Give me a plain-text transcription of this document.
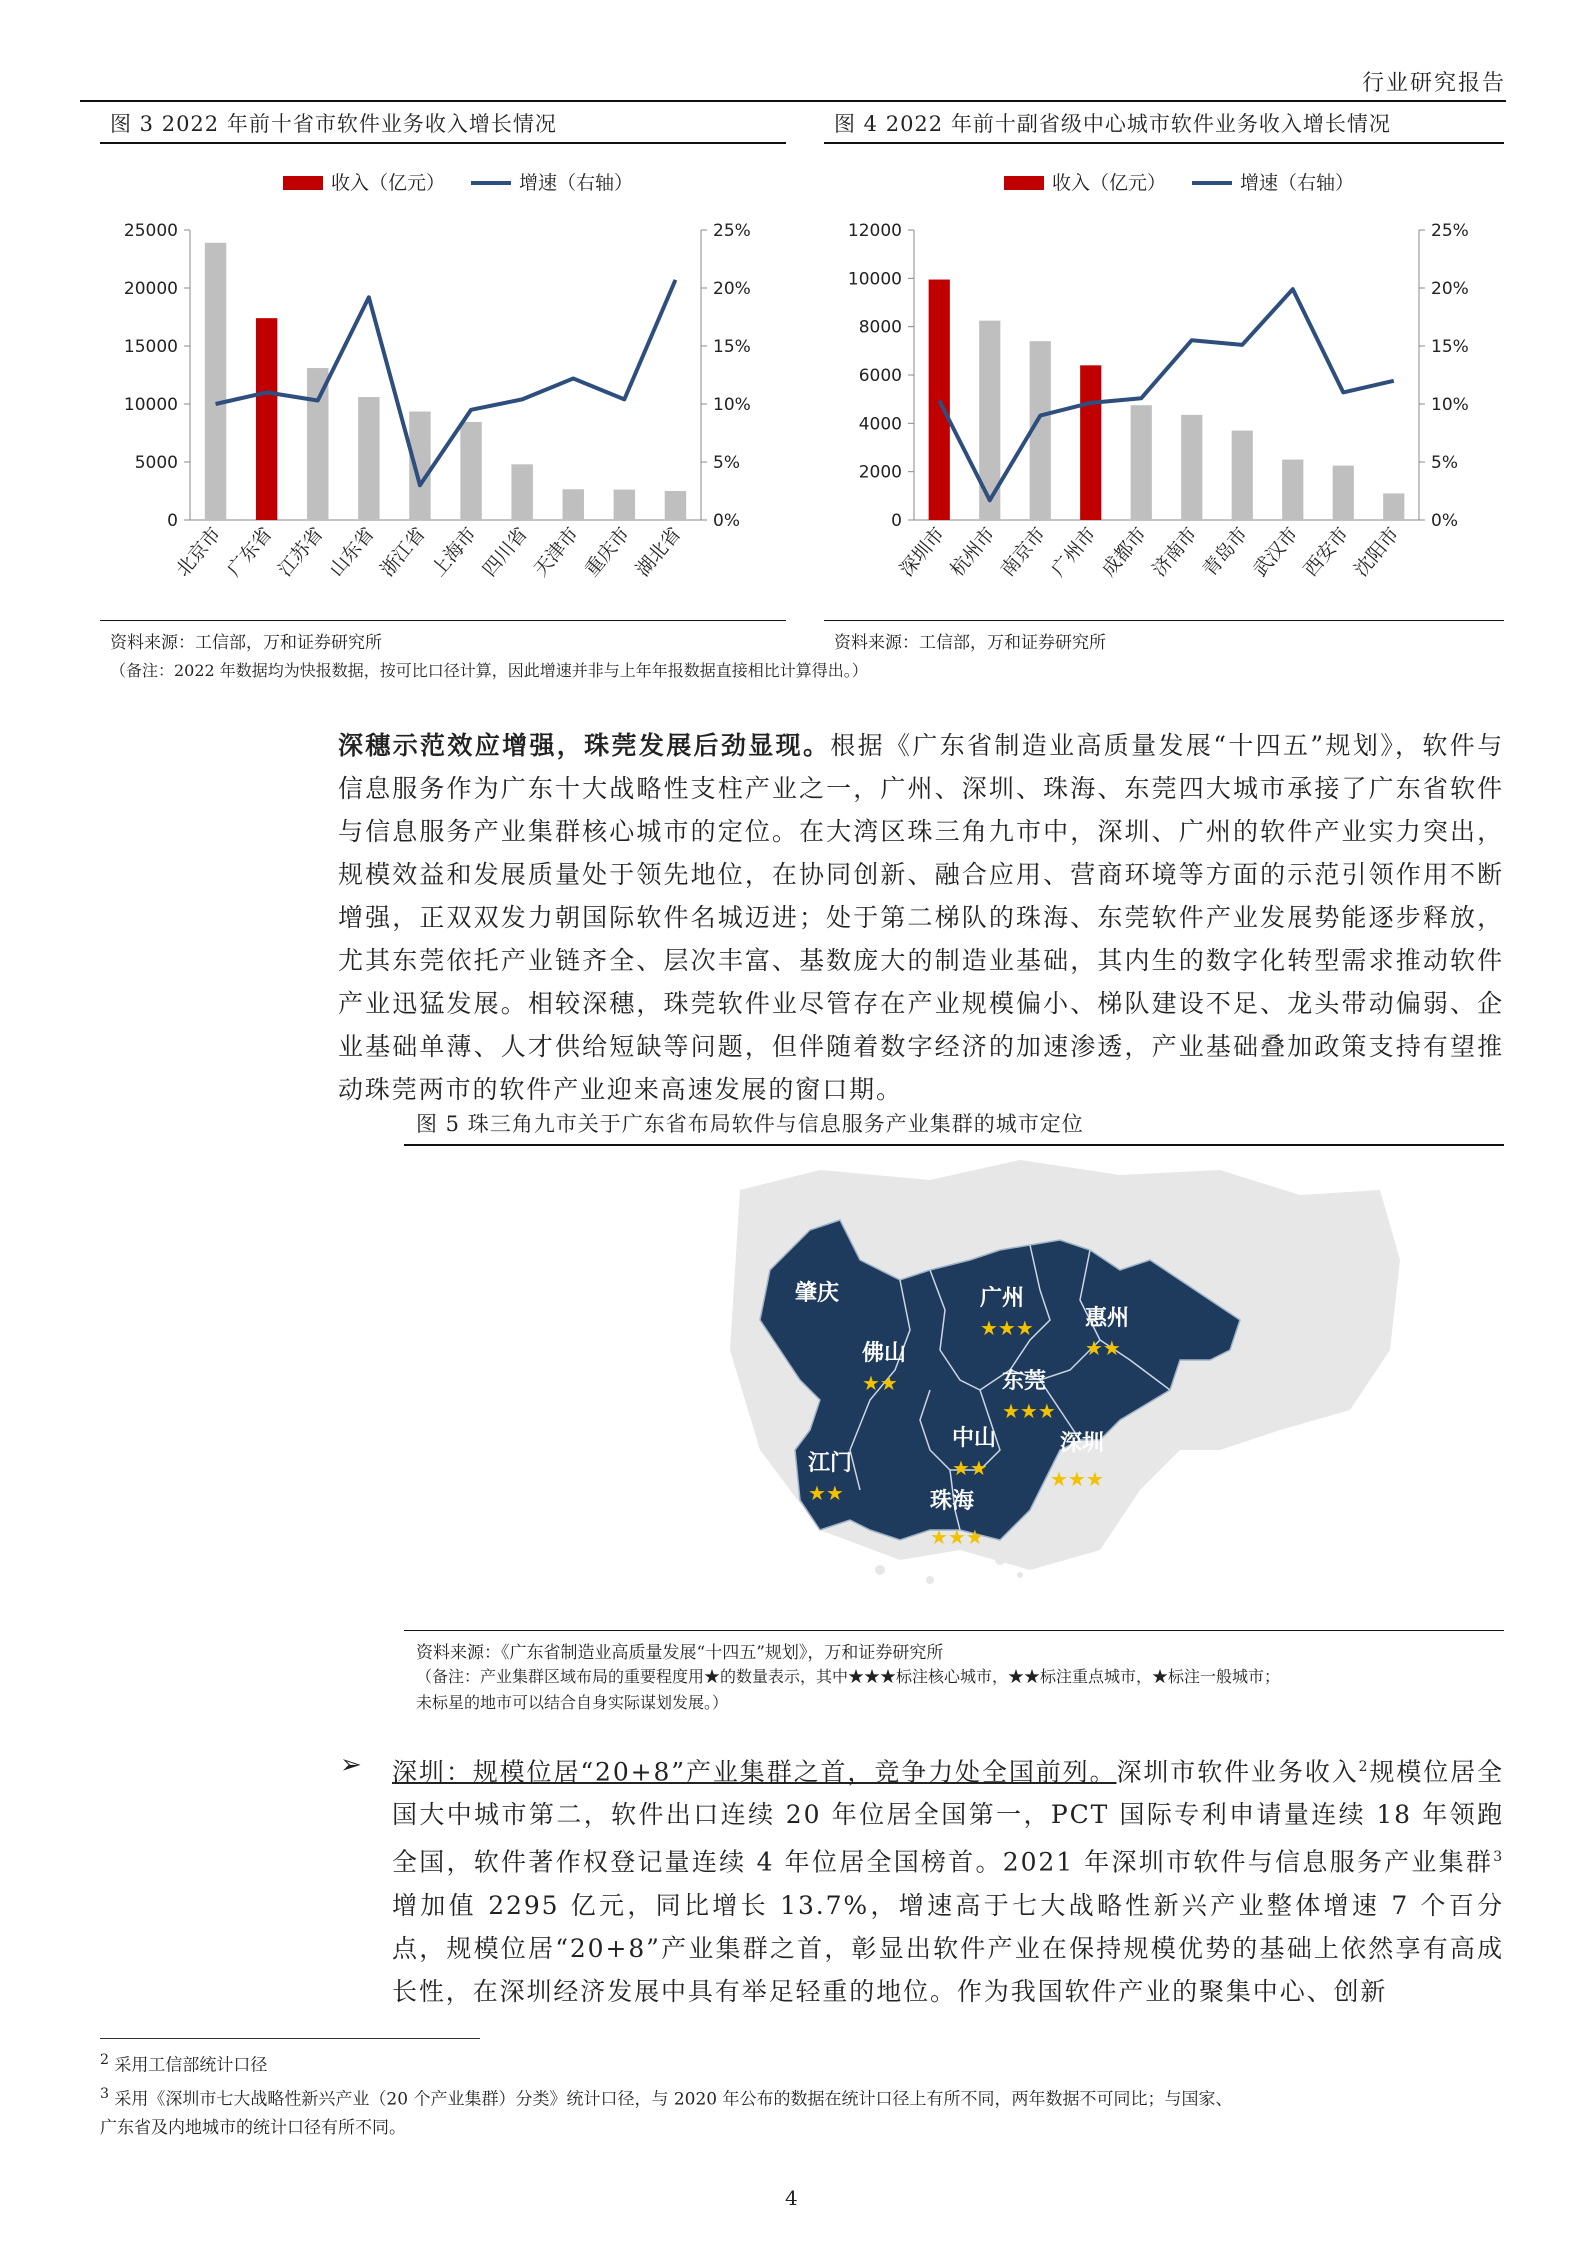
行业研究报告
图 3 2022 年前十省市软件业务收入增长情况
收入（亿元）	增速（右轴）
0
5000
10000
15000
20000
25000
0%
5%
10%
15%
20%
25%
北京市
广东省
江苏省
山东省
浙江省
上海市
四川省
天津市
重庆市
湖北省
资料来源：工信部，万和证券研究所
图 4 2022 年前十副省级中心城市软件业务收入增长情况
收入（亿元）	增速（右轴）
0
2000
4000
6000
8000
10000
12000
0%
5%
10%
15%
20%
25%
深圳市
杭州市
南京市
广州市
成都市
济南市
青岛市
武汉市
西安市
沈阳市
资料来源：工信部，万和证券研究所
（备注：2022 年数据均为快报数据，按可比口径计算，因此增速并非与上年年报数据直接相比计算得出。）
深穗示范效应增强，珠莞发展后劲显现。根据《广东省制造业高质量发展“十四五”规划》，软件与信息服务作为广东十大战略性支柱产业之一，广州、深圳、珠海、东莞四大城市承接了广东省软件与信息服务产业集群核心城市的定位。在大湾区珠三角九市中，深圳、广州的软件产业实力突出，规模效益和发展质量处于领先地位，在协同创新、融合应用、营商环境等方面的示范引领作用不断增强，正双双发力朝国际软件名城迈进；处于第二梯队的珠海、东莞软件产业发展势能逐步释放，尤其东莞依托产业链齐全、层次丰富、基数庞大的制造业基础，其内生的数字化转型需求推动软件产业迅猛发展。相较深穗，珠莞软件业尽管存在产业规模偏小、梯队建设不足、龙头带动偏弱、企业基础单薄、人才供给短缺等问题，但伴随着数字经济的加速渗透，产业基础叠加政策支持有望推动珠莞两市的软件产业迎来高速发展的窗口期。
图 5 珠三角九市关于广东省布局软件与信息服务产业集群的城市定位
肇庆	广州
★★★ 惠州
★★
佛山
★★	东莞
★★★
中山
★★
深圳
★★★
江门
★★	珠海
★★★
资料来源：《广东省制造业高质量发展“十四五”规划》，万和证券研究所
（备注：产业集群区域布局的重要程度用★的数量表示，其中★★★标注核心城市，★★标注重点城市，★标注一般城市；
未标星的地市可以结合自身实际谋划发展。）
➢ 深圳：规模位居“20+8”产业集群之首，竞争力处全国前列。深圳市软件业务收入$^2$规模位居全国大中城市第二，软件出口连续 20 年位居全国第一，PCT 国际专利申请量连续 18 年领跑全国，软件著作权登记量连续 4 年位居全国榜首。2021 年深圳市软件与信息服务产业集群$^3$增加值 2295 亿元，同比增长 13.7%，增速高于七大战略性新兴产业整体增速 7 个百分点，规模位居“20+8”产业集群之首，彰显出软件产业在保持规模优势的基础上依然享有高成长性，在深圳经济发展中具有举足轻重的地位。作为我国软件产业的聚集中心、创新
$^2$ 采用工信部统计口径
$^3$ 采用《深圳市七大战略性新兴产业（20 个产业集群）分类》统计口径，与 2020 年公布的数据在统计口径上有所不同，两年数据不可同比；与国家、
广东省及内地城市的统计口径有所不同。
4
